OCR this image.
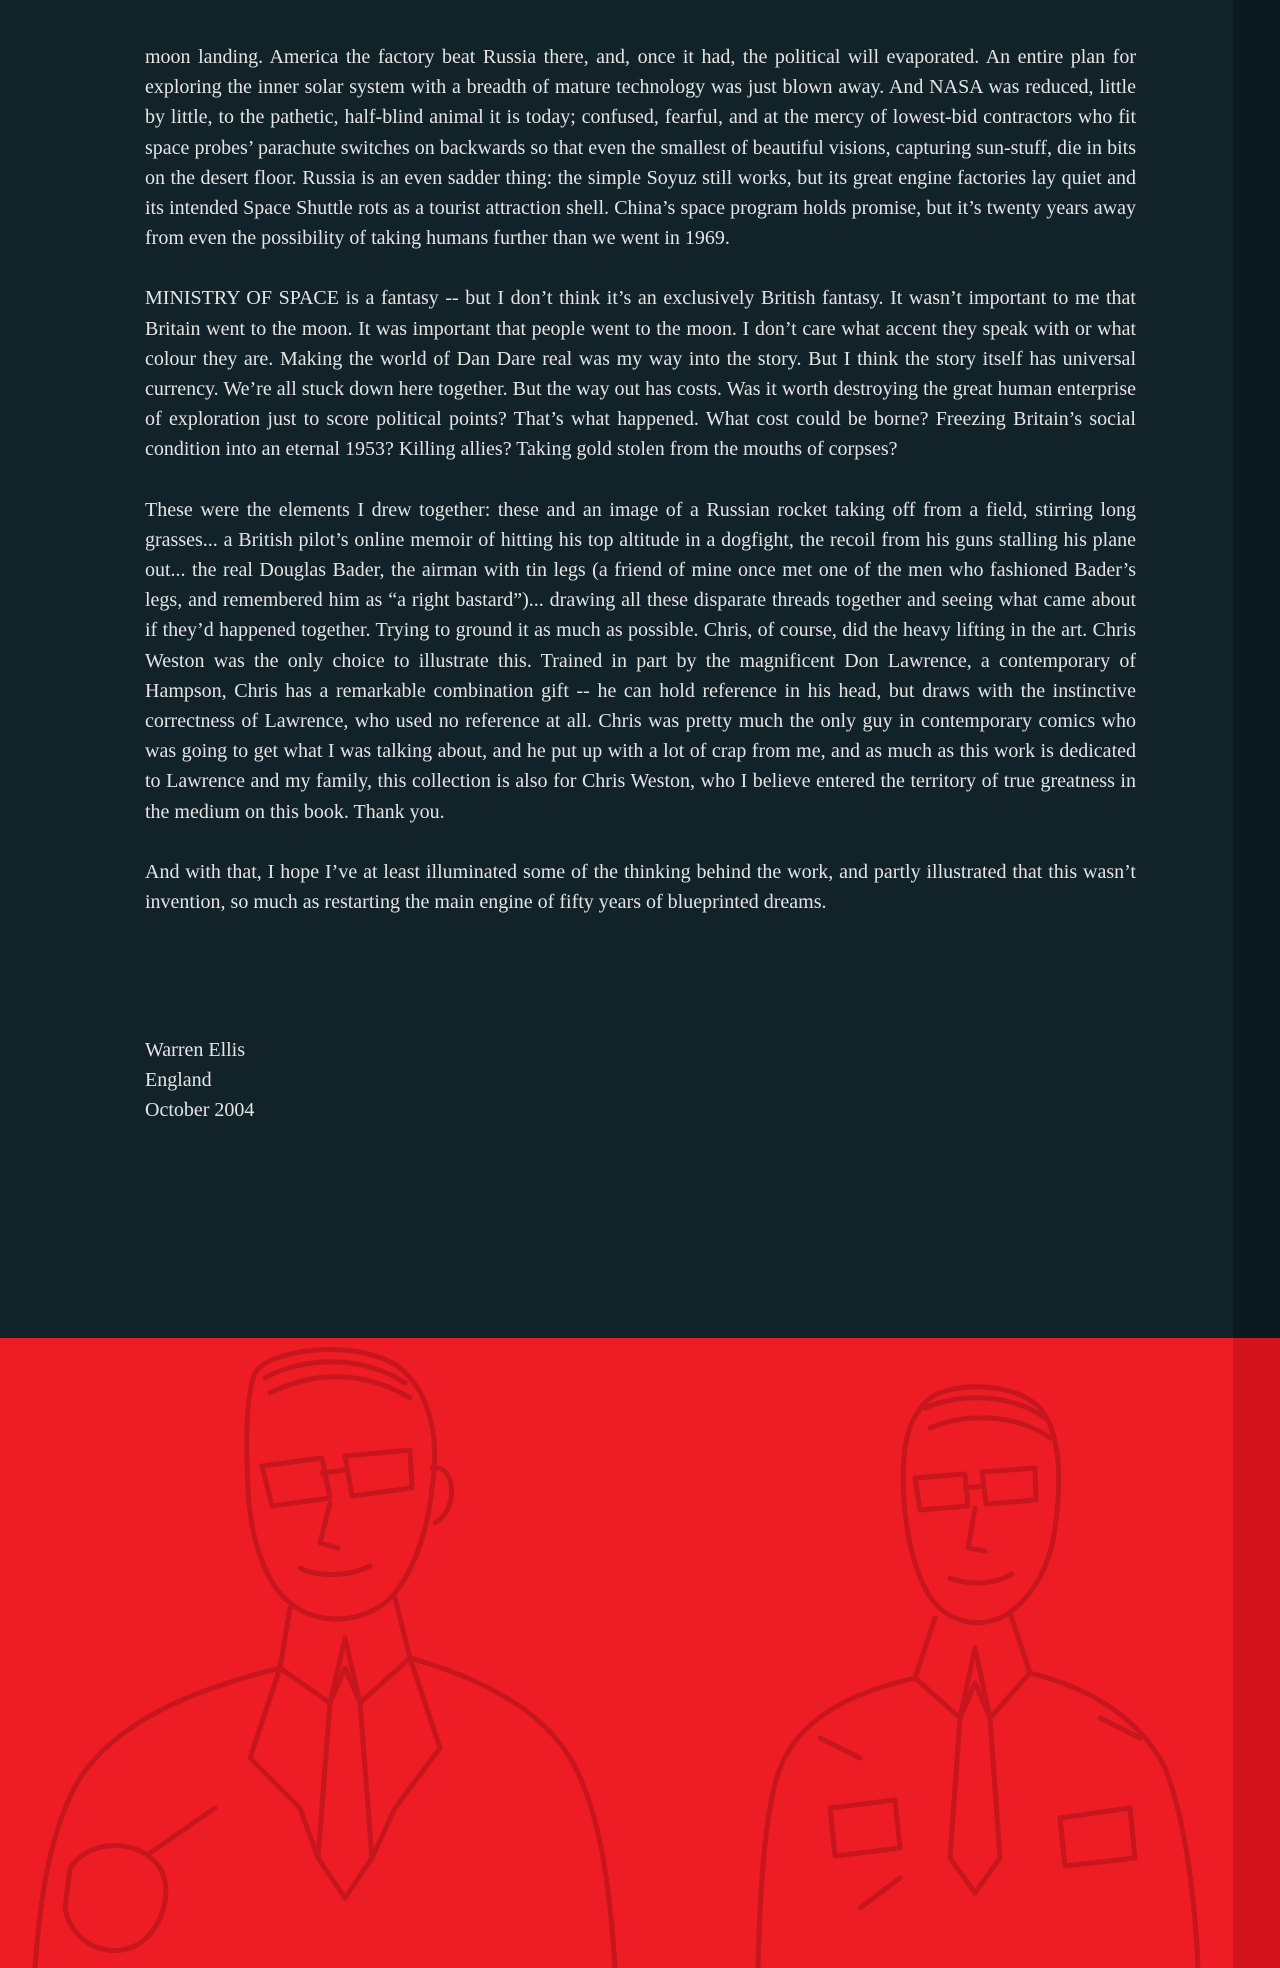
moon landing. America the factory beat Russia there, and, once it had, the political will evaporated. An entire plan for exploring the inner solar system with a breadth of mature technology was just blown away. And NASA was reduced, little by little, to the pathetic, half-blind animal it is today; confused, fearful, and at the mercy of lowest-bid contractors who fit space probes’ parachute switches on backwards so that even the smallest of beautiful visions, capturing sun-stuff, die in bits on the desert floor. Russia is an even sadder thing: the simple Soyuz still works, but its great engine factories lay quiet and its intended Space Shuttle rots as a tourist attraction shell. China’s space program holds promise, but it’s twenty years away from even the possibility of taking humans further than we went in 1969.

MINISTRY OF SPACE is a fantasy -- but I don’t think it’s an exclusively British fantasy. It wasn’t important to me that Britain went to the moon. It was important that people went to the moon. I don’t care what accent they speak with or what colour they are. Making the world of Dan Dare real was my way into the story. But I think the story itself has universal currency. We’re all stuck down here together. But the way out has costs. Was it worth destroying the great human enterprise of exploration just to score political points? That’s what happened. What cost could be borne? Freezing Britain’s social condition into an eternal 1953? Killing allies? Taking gold stolen from the mouths of corpses?

These were the elements I drew together: these and an image of a Russian rocket taking off from a field, stirring long grasses... a British pilot’s online memoir of hitting his top altitude in a dogfight, the recoil from his guns stalling his plane out... the real Douglas Bader, the airman with tin legs (a friend of mine once met one of the men who fashioned Bader’s legs, and remembered him as “a right bastard”)... drawing all these disparate threads together and seeing what came about if they’d happened together. Trying to ground it as much as possible. Chris, of course, did the heavy lifting in the art. Chris Weston was the only choice to illustrate this. Trained in part by the magnificent Don Lawrence, a contemporary of Hampson, Chris has a remarkable combination gift -- he can hold reference in his head, but draws with the instinctive correctness of Lawrence, who used no reference at all. Chris was pretty much the only guy in contemporary comics who was going to get what I was talking about, and he put up with a lot of crap from me, and as much as this work is dedicated to Lawrence and my family, this collection is also for Chris Weston, who I believe entered the territory of true greatness in the medium on this book. Thank you.

And with that, I hope I’ve at least illuminated some of the thinking behind the work, and partly illustrated that this wasn’t invention, so much as restarting the main engine of fifty years of blueprinted dreams.

Warren Ellis
England
October 2004
